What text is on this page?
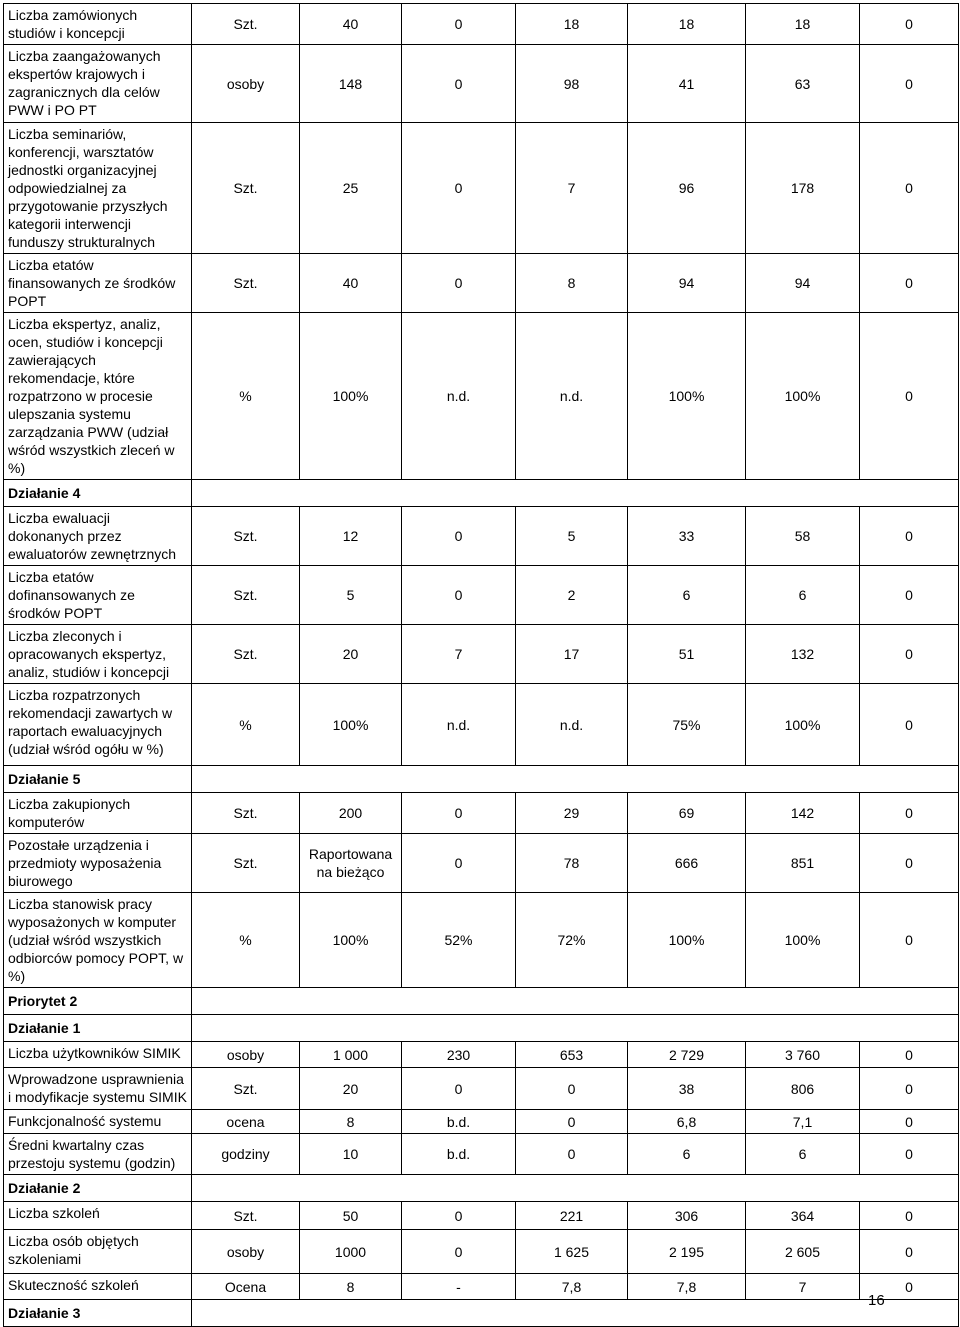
Liczba zamówionych studiów i koncepcji	Szt.	40	0	18	18	18	0
Liczba zaangażowanych ekspertów krajowych i zagranicznych dla celów PWW i PO PT	osoby	148	0	98	41	63	0
Liczba seminariów, konferencji, warsztatów jednostki organizacyjnej odpowiedzialnej za przygotowanie przyszłych kategorii interwencji funduszy strukturalnych	Szt.	25	0	7	96	178	0
Liczba etatów finansowanych ze środków POPT	Szt.	40	0	8	94	94	0
Liczba ekspertyz, analiz, ocen, studiów i koncepcji zawierających rekomendacje, które rozpatrzono w procesie ulepszania systemu zarządzania PWW (udział wśród wszystkich zleceń w %)	%	100%	n.d.	n.d.	100%	100%	0
Działanie 4							
Liczba ewaluacji dokonanych przez ewaluatorów zewnętrznych	Szt.	12	0	5	33	58	0
Liczba etatów dofinansowanych ze środków POPT	Szt.	5	0	2	6	6	0
Liczba zleconych i opracowanych ekspertyz, analiz, studiów i koncepcji	Szt.	20	7	17	51	132	0
Liczba rozpatrzonych rekomendacji zawartych w raportach ewaluacyjnych (udział wśród ogółu w %)	%	100%	n.d.	n.d.	75%	100%	0
Działanie 5							
Liczba zakupionych komputerów	Szt.	200	0	29	69	142	0
Pozostałe urządzenia i przedmioty wyposażenia biurowego	Szt.	Raportowana na bieżąco	0	78	666	851	0
Liczba stanowisk pracy wyposażonych w komputer (udział wśród wszystkich odbiorców pomocy POPT, w %)	%	100%	52%	72%	100%	100%	0
Priorytet 2							
Działanie 1							
Liczba użytkowników SIMIK	osoby	1 000	230	653	2 729	3 760	0
Wprowadzone usprawnienia i modyfikacje systemu SIMIK	Szt.	20	0	0	38	806	0
Funkcjonalność systemu	ocena	8	b.d.	0	6,8	7,1	0
Średni kwartalny czas przestoju systemu (godzin)	godziny	10	b.d.	0	6	6	0
Działanie 2							
Liczba szkoleń	Szt.	50	0	221	306	364	0
Liczba osób objętych szkoleniami	osoby	1000	0	1 625	2 195	2 605	0
Skuteczność szkoleń	Ocena	8	-	7,8	7,8	7	0
Działanie 3							
16
